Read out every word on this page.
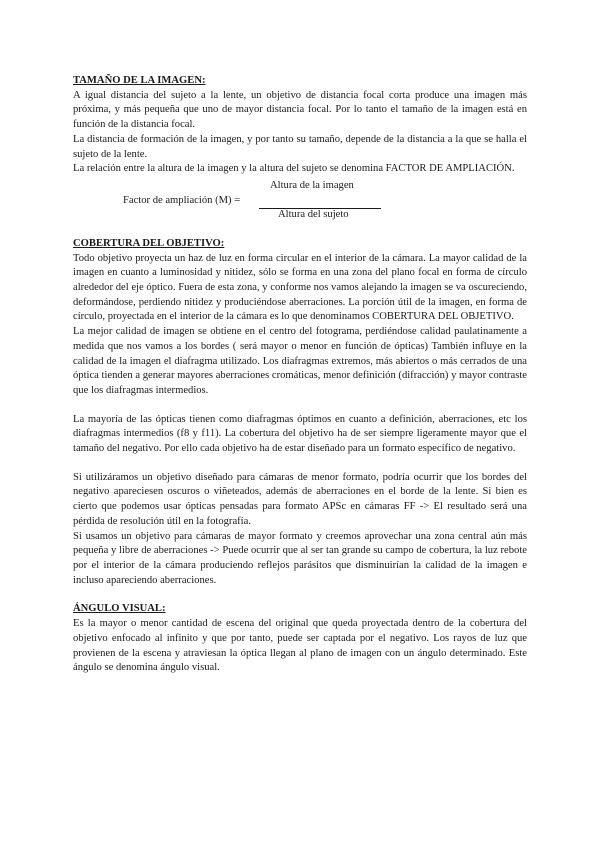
TAMAÑO DE LA IMAGEN:

A igual distancia del sujeto a la lente, un objetivo de distancia focal corta produce una imagen más próxima, y más pequeña que uno de mayor distancia focal. Por lo tanto el tamaño de la imagen está en función de la distancia focal.

La distancia de formación de la imagen, y por tanto su tamaño, depende de la distancia a la que se halla el sujeto de la lente.

La relación entre la altura de la imagen y la altura del sujeto se denomina FACTOR DE AMPLIACIÓN.

Altura de la imagen
Factor de ampliación (M) =
Altura del sujeto
COBERTURA DEL OBJETIVO:

Todo objetivo proyecta un haz de luz en forma circular en el interior de la cámara. La mayor calidad de la imagen en cuanto a luminosidad y nitidez, sólo se forma en una zona del plano focal en forma de círculo alrededor del eje óptico. Fuera de esta zona, y conforme nos vamos alejando la imagen se va oscureciendo, deformándose, perdiendo nitidez y produciéndose aberraciones. La porción útil de la imagen, en forma de círculo, proyectada en el interior de la cámara es lo que denominamos COBERTURA DEL OBJETIVO.

La mejor calidad de imagen se obtiene en el centro del fotograma, perdiéndose calidad paulatinamente a medida que nos vamos a los bordes ( será mayor o menor en función de ópticas) También influye en la calidad de la imagen el diafragma utilizado. Los diafragmas extremos, más abiertos o más cerrados de una óptica tienden a generar mayores aberraciones cromáticas, menor definición (difracción) y mayor contraste que los diafragmas intermedios.

La mayoría de las ópticas tienen como diafragmas óptimos en cuanto a definición, aberraciones, etc los diafragmas intermedios (f8 y f11). La cobertura del objetivo ha de ser siempre ligeramente mayor que el tamaño del negativo. Por ello cada objetivo ha de estar diseñado para un formato específico de negativo.

Si utilizáramos un objetivo diseñado para cámaras de menor formato, podría ocurrir que los bordes del negativo apareciesen oscuros o viñeteados, además de aberraciones en el borde de la lente. Si bien es cierto que podemos usar ópticas pensadas para formato APSc en cámaras FF -> El resultado será una pérdida de resolución útil en la fotografía.

Si usamos un objetivo para cámaras de mayor formato y creemos aprovechar una zona central aún más pequeña y libre de aberraciones -> Puede ocurrir que al ser tan grande su campo de cobertura, la luz rebote por el interior de la cámara produciendo reflejos parásitos que disminuirían la calidad de la imagen e incluso apareciendo aberraciones.

ÁNGULO VISUAL:

Es la mayor o menor cantidad de escena del original que queda proyectada dentro de la cobertura del objetivo enfocado al infinito y que por tanto, puede ser captada por el negativo. Los rayos de luz que provienen de la escena y atraviesan la óptica llegan al plano de imagen con un ángulo determinado. Este ángulo se denomina ángulo visual.
